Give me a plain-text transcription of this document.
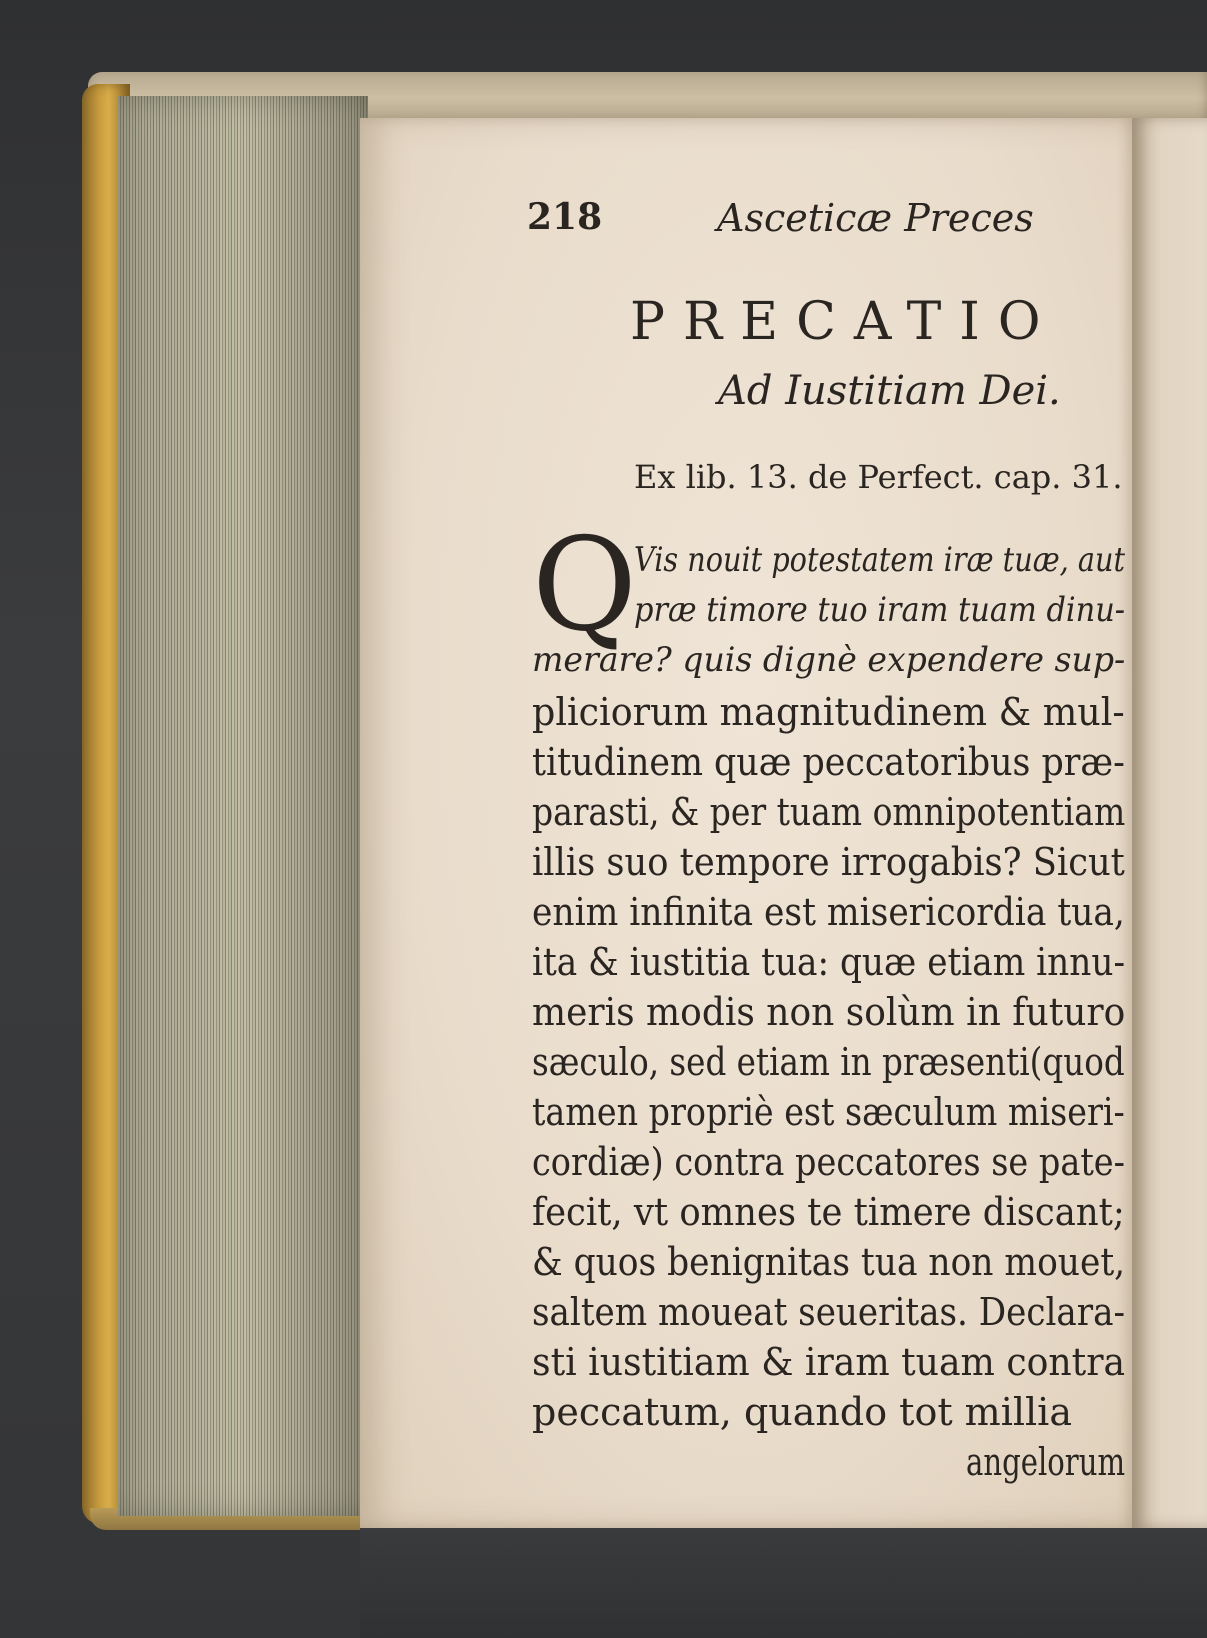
218	Asceticæ Preces
PRECATIO
Ad Iustitiam Dei.
Ex lib. 13. de Perfect. cap. 31.
Q
Vis nouit potestatem iræ tuæ, aut
præ timore tuo iram tuam dinu-
merare? quis dignè expendere sup-
pliciorum magnitudinem & mul-
titudinem quæ peccatoribus præ-
parasti, & per tuam omnipotentiam
illis suo tempore irrogabis? Sicut
enim infinita est misericordia tua,
ita & iustitia tua: quæ etiam innu-
meris modis non solùm in futuro
sæculo, sed etiam in præsenti(quod
tamen propriè est sæculum miseri-
cordiæ) contra peccatores se pate-
fecit, vt omnes te timere discant;
& quos benignitas tua non mouet,
saltem moueat seueritas. Declara-
sti iustitiam & iram tuam contra
peccatum, quando tot millia
angelorum
